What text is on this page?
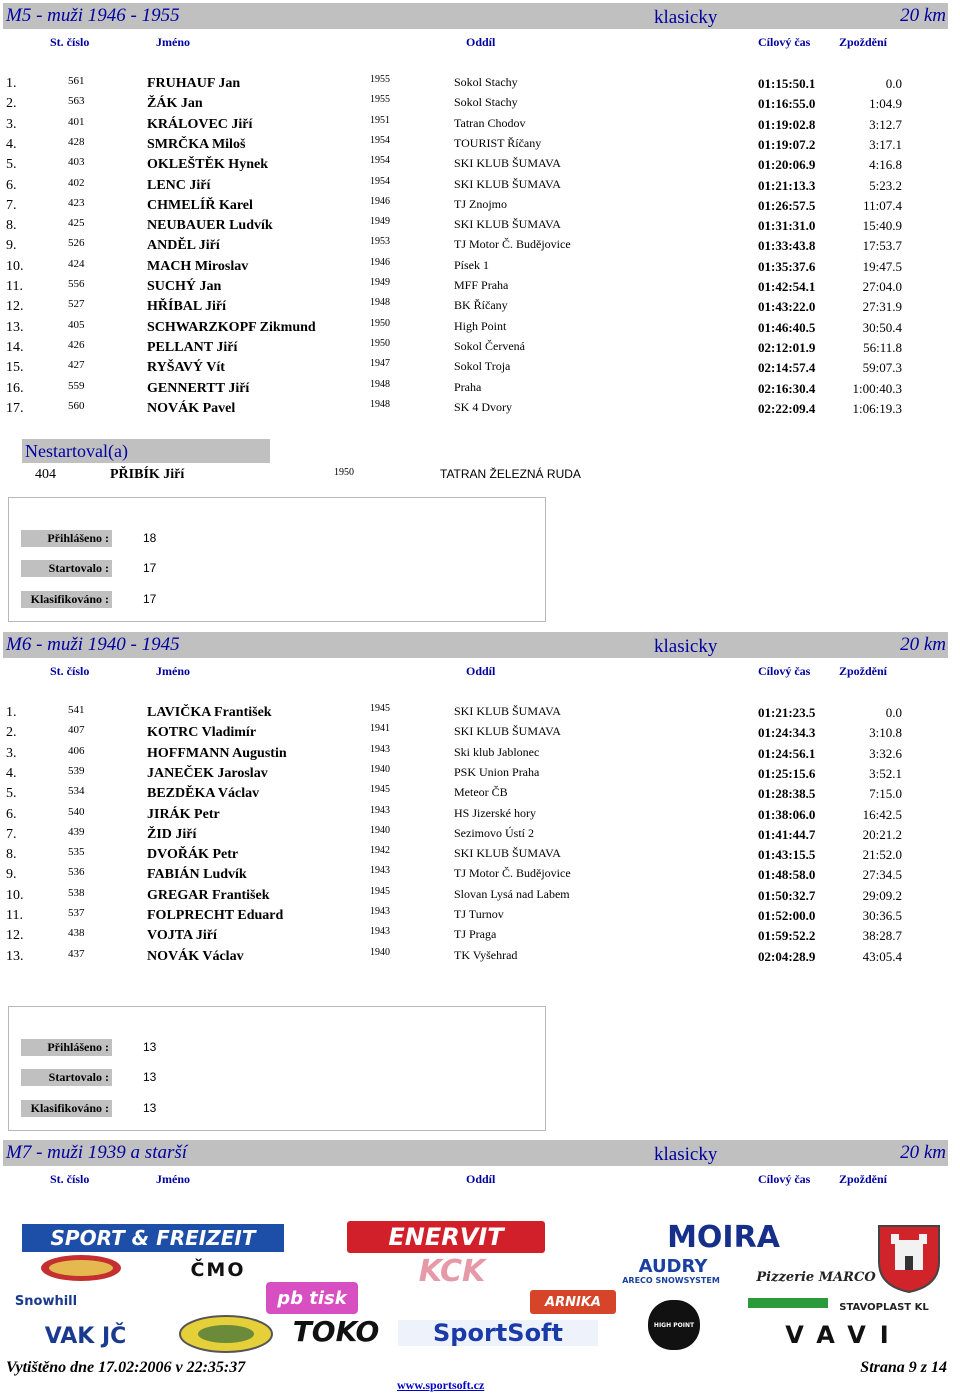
M5 - muži 1946 - 1955	klasicky	20 km
St. číslo	Jméno	Oddíl	Cílový čas Zpoždění
1.	561	FRUHAUF Jan	1955	Sokol Stachy	01:15:50.1	0.0
2.	563	ŽÁK Jan	1955	Sokol Stachy	01:16:55.0	1:04.9
3.	401	KRÁLOVEC Jiří	1951	Tatran Chodov	01:19:02.8	3:12.7
4.	428	SMRČKA Miloš	1954	TOURIST Říčany	01:19:07.2	3:17.1
5.	403	OKLEŠTĚK Hynek	1954	SKI KLUB ŠUMAVA	01:20:06.9	4:16.8
6.	402	LENC Jiří	1954	SKI KLUB ŠUMAVA	01:21:13.3	5:23.2
7.	423	CHMELÍŘ Karel	1946	TJ Znojmo	01:26:57.5	11:07.4
8.	425	NEUBAUER Ludvík	1949	SKI KLUB ŠUMAVA	01:31:31.0	15:40.9
9.	526	ANDĚL Jiří	1953	TJ Motor Č. Budějovice	01:33:43.8	17:53.7
10.	424	MACH Miroslav	1946	Písek 1	01:35:37.6	19:47.5
11.	556	SUCHÝ Jan	1949	MFF Praha	01:42:54.1	27:04.0
12.	527	HŘÍBAL Jiří	1948	BK Říčany	01:43:22.0	27:31.9
13.	405	SCHWARZKOPF Zikmund	1950	High Point	01:46:40.5	30:50.4
14.	426	PELLANT Jiří	1950	Sokol Červená	02:12:01.9	56:11.8
15.	427	RYŠAVÝ Vít	1947	Sokol Troja	02:14:57.4	59:07.3
16.	559	GENNERTT Jiří	1948	Praha	02:16:30.4	1:00:40.3
17.	560	NOVÁK Pavel	1948	SK 4 Dvory	02:22:09.4	1:06:19.3
Nestartoval(a)
404	PŘIBÍK Jiří	1950	TATRAN ŽELEZNÁ RUDA
Přihlášeno :	18
Startovalo :	17
Klasifikováno :	17
M6 - muži 1940 - 1945	klasicky	20 km
St. číslo	Jméno	Oddíl	Cílový čas Zpoždění
1.	541	LAVIČKA František	1945	SKI KLUB ŠUMAVA	01:21:23.5	0.0
2.	407	KOTRC Vladimír	1941	SKI KLUB ŠUMAVA	01:24:34.3	3:10.8
3.	406	HOFFMANN Augustin	1943	Ski klub Jablonec	01:24:56.1	3:32.6
4.	539	JANEČEK Jaroslav	1940	PSK Union Praha	01:25:15.6	3:52.1
5.	534	BEZDĚKA Václav	1945	Meteor ČB	01:28:38.5	7:15.0
6.	540	JIRÁK Petr	1943	HS Jizerské hory	01:38:06.0	16:42.5
7.	439	ŽID Jiří	1940	Sezimovo Ústí 2	01:41:44.7	20:21.2
8.	535	DVOŘÁK Petr	1942	SKI KLUB ŠUMAVA	01:43:15.5	21:52.0
9.	536	FABIÁN Ludvík	1943	TJ Motor Č. Budějovice	01:48:58.0	27:34.5
10.	538	GREGAR František	1945	Slovan Lysá nad Labem	01:50:32.7	29:09.2
11.	537	FOLPRECHT Eduard	1943	TJ Turnov	01:52:00.0	30:36.5
12.	438	VOJTA Jiří	1943	TJ Praga	01:59:52.2	38:28.7
13.	437	NOVÁK Václav	1940	TK Vyšehrad	02:04:28.9	43:05.4
Přihlášeno :	13
Startovalo :	13
Klasifikováno :	13
M7 - muži 1939 a starší	klasicky	20 km
St. číslo	Jméno	Oddíl	Cílový čas Zpoždění
SPORT & FREIZEIT	ENERVIT	MOIRA
AUDRY
ARECO SNOWSYSTEM
ČMO	KCK	Pizzerie MARCO
Snowhill	pb tisk	ARNIKA	STAVOPLAST KL
VAK JČ	TOKO	SportSoft	HIGH POINT	VAVI
Vytištěno dne 17.02:2006 v 22:35:37	Strana 9 z 14
www.sportsoft.cz
